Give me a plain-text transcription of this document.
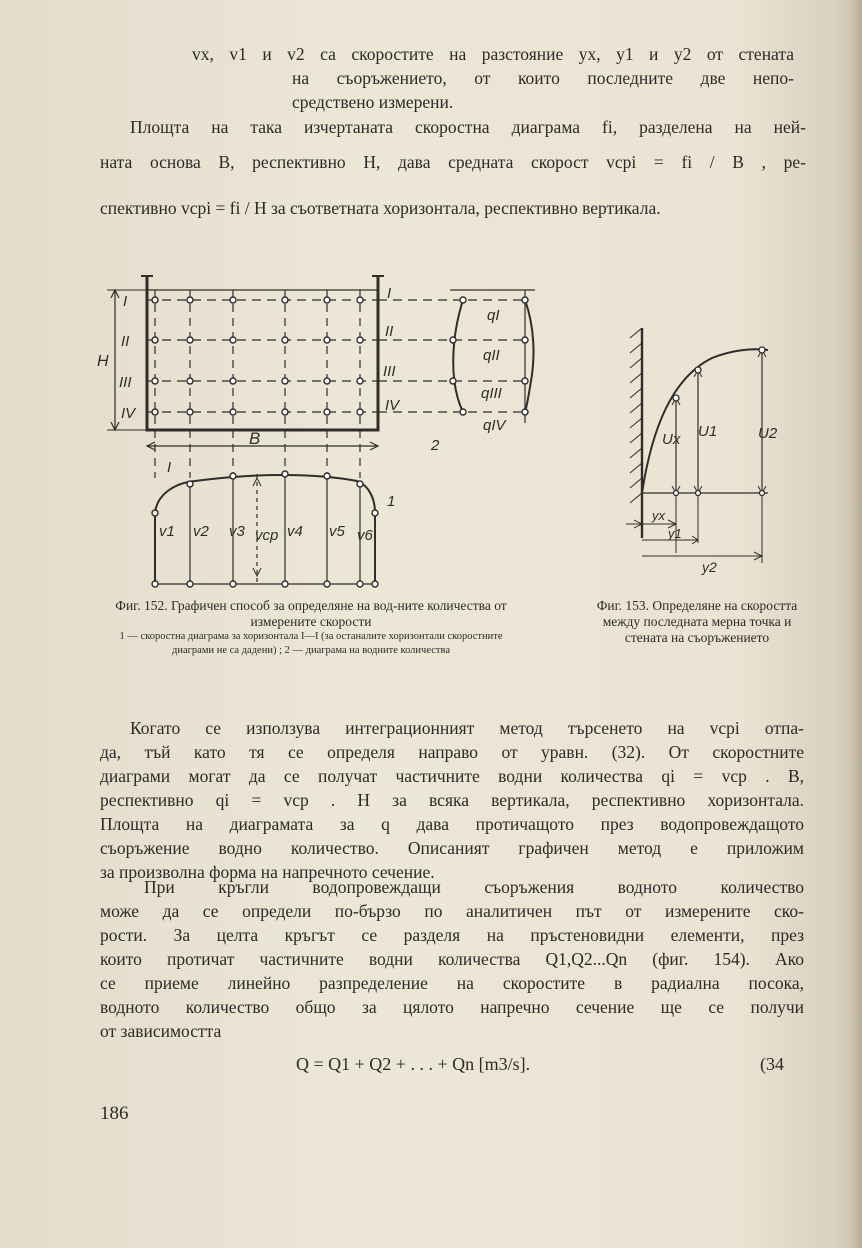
vx, v1 и v2 са скоростите на разстояние yx, y1 и y2 от стената

на съоръжението, от които последните две непо-

средствено измерени.

Площта на така изчертаната скоростна диаграма fi, разделена на ней-

ната основа B, респективно H, дава средната скорост vсрi = fi / B , ре-

спективно vсрi = fi / H за съответната хоризонтала, респективно вертикала.

I
II
III
IV
H
B
I
II
III
IV
qI
qII
qIII
qIV
2
1
I
v1 v2 v3 vср v4 v5 v6
Ux U1	U2
yx
y1
y2
Фиг. 152. Графичен способ за определяне на вод-ните количества от измерените скорости
1 — скоростна диаграма за хоризонтала I—I (за останалите хоризонтали скоростните диаграми не са дадени) ; 2 — диаграма на водните количества
Фиг. 153. Определяне на скоростта между последната мерна точка и стената на съоръжението
Когато се използува интеграционният метод търсенето на vсрi отпа-
да, тъй като тя се определя направо от уравн. (32). От скоростните
диаграми могат да се получат частичните водни количества qi = vср . B,
респективно qi = vср . H за всяка вертикала, респективно хоризонтала.
Площта на диаграмата за q дава протичащото през водопровеждащото
съоръжение водно количество. Описаният графичен метод е приложим
за произволна форма на напречното сечение.
При кръгли водопровеждащи съоръжения водното количество
може да се определи по-бързо по аналитичен път от измерените ско-
рости. За целта кръгът се разделя на пръстеновидни елементи, през
които протичат частичните водни количества Q1,Q2...Qn (фиг. 154). Ако
се приеме линейно разпределение на скоростите в радиална посока,
водното количество общо за цялото напречно сечение ще се получи
от зависимостта

Q = Q1 + Q2 + . . . + Qn [m3/s].	(34

186
